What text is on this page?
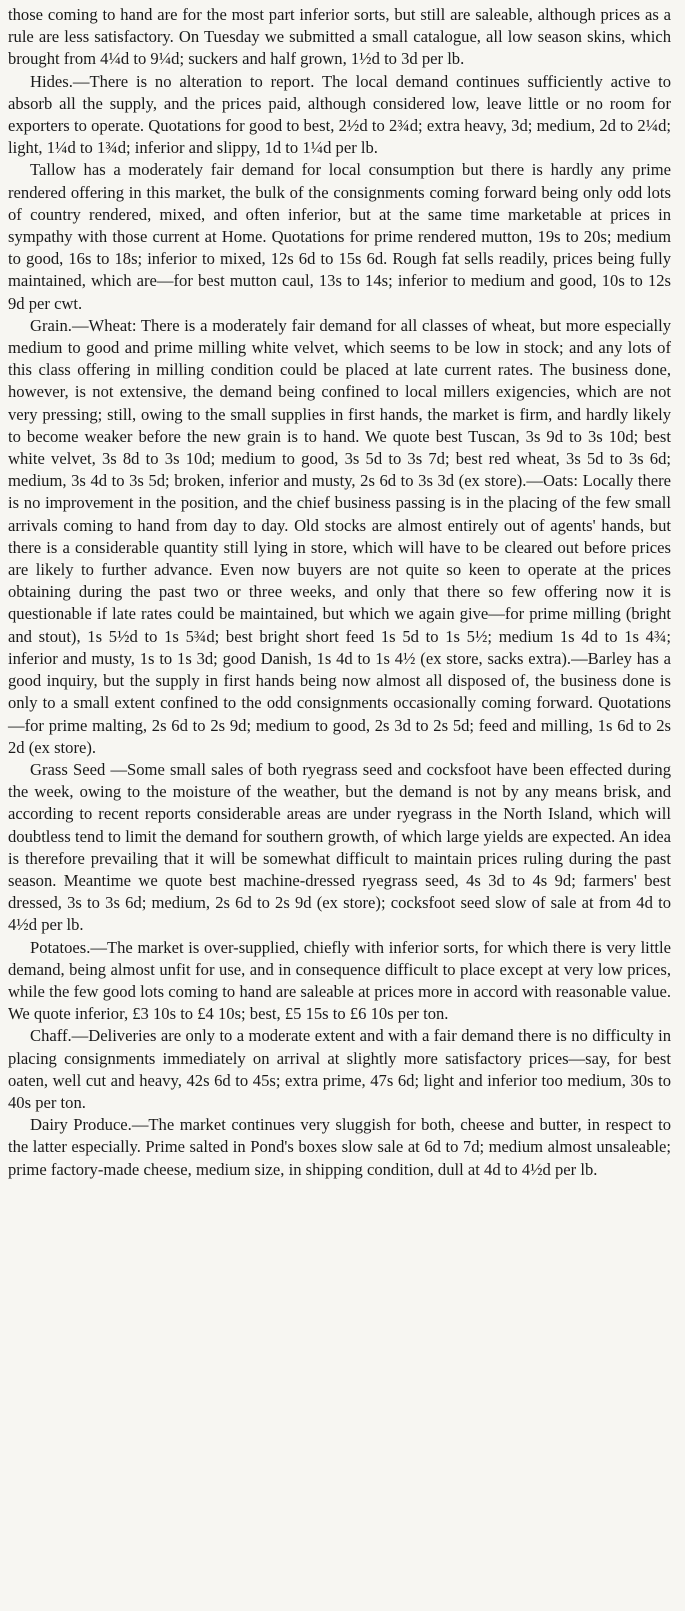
those coming to hand are for the most part inferior sorts, but still are saleable, although prices as a rule are less satisfactory. On Tuesday we submitted a small catalogue, all low season skins, which brought from 4¼d to 9¼d; suckers and half grown, 1½d to 3d per lb.

Hides.—There is no alteration to report. The local demand continues sufficiently active to absorb all the supply, and the prices paid, although considered low, leave little or no room for exporters to operate. Quotations for good to best, 2½d to 2¾d; extra heavy, 3d; medium, 2d to 2¼d; light, 1¼d to 1¾d; inferior and slippy, 1d to 1¼d per lb.

Tallow has a moderately fair demand for local consumption but there is hardly any prime rendered offering in this market, the bulk of the consignments coming forward being only odd lots of country rendered, mixed, and often inferior, but at the same time marketable at prices in sympathy with those current at Home. Quotations for prime rendered mutton, 19s to 20s; medium to good, 16s to 18s; inferior to mixed, 12s 6d to 15s 6d. Rough fat sells readily, prices being fully maintained, which are—for best mutton caul, 13s to 14s; inferior to medium and good, 10s to 12s 9d per cwt.

Grain.—Wheat: There is a moderately fair demand for all classes of wheat, but more especially medium to good and prime milling white velvet, which seems to be low in stock; and any lots of this class offering in milling condition could be placed at late current rates. The business done, however, is not extensive, the demand being confined to local millers exigencies, which are not very pressing; still, owing to the small supplies in first hands, the market is firm, and hardly likely to become weaker before the new grain is to hand. We quote best Tuscan, 3s 9d to 3s 10d; best white velvet, 3s 8d to 3s 10d; medium to good, 3s 5d to 3s 7d; best red wheat, 3s 5d to 3s 6d; medium, 3s 4d to 3s 5d; broken, inferior and musty, 2s 6d to 3s 3d (ex store).—Oats: Locally there is no improvement in the position, and the chief business passing is in the placing of the few small arrivals coming to hand from day to day. Old stocks are almost entirely out of agents' hands, but there is a considerable quantity still lying in store, which will have to be cleared out before prices are likely to further advance. Even now buyers are not quite so keen to operate at the prices obtaining during the past two or three weeks, and only that there so few offering now it is questionable if late rates could be maintained, but which we again give—for prime milling (bright and stout), 1s 5½d to 1s 5¾d; best bright short feed 1s 5d to 1s 5½; medium 1s 4d to 1s 4¾; inferior and musty, 1s to 1s 3d; good Danish, 1s 4d to 1s 4½ (ex store, sacks extra).—Barley has a good inquiry, but the supply in first hands being now almost all disposed of, the business done is only to a small extent confined to the odd consignments occasionally coming forward. Quotations—for prime malting, 2s 6d to 2s 9d; medium to good, 2s 3d to 2s 5d; feed and milling, 1s 6d to 2s 2d (ex store).

Grass Seed —Some small sales of both ryegrass seed and cocksfoot have been effected during the week, owing to the moisture of the weather, but the demand is not by any means brisk, and according to recent reports considerable areas are under ryegrass in the North Island, which will doubtless tend to limit the demand for southern growth, of which large yields are expected. An idea is therefore prevailing that it will be somewhat difficult to maintain prices ruling during the past season. Meantime we quote best machine-dressed ryegrass seed, 4s 3d to 4s 9d; farmers' best dressed, 3s to 3s 6d; medium, 2s 6d to 2s 9d (ex store); cocksfoot seed slow of sale at from 4d to 4½d per lb.

Potatoes.—The market is over-supplied, chiefly with inferior sorts, for which there is very little demand, being almost unfit for use, and in consequence difficult to place except at very low prices, while the few good lots coming to hand are saleable at prices more in accord with reasonable value. We quote inferior, £3 10s to £4 10s; best, £5 15s to £6 10s per ton.

Chaff.—Deliveries are only to a moderate extent and with a fair demand there is no difficulty in placing consignments immediately on arrival at slightly more satisfactory prices—say, for best oaten, well cut and heavy, 42s 6d to 45s; extra prime, 47s 6d; light and inferior too medium, 30s to 40s per ton.

Dairy Produce.—The market continues very sluggish for both, cheese and butter, in respect to the latter especially. Prime salted in Pond's boxes slow sale at 6d to 7d; medium almost unsaleable; prime factory-made cheese, medium size, in shipping condition, dull at 4d to 4½d per lb.
